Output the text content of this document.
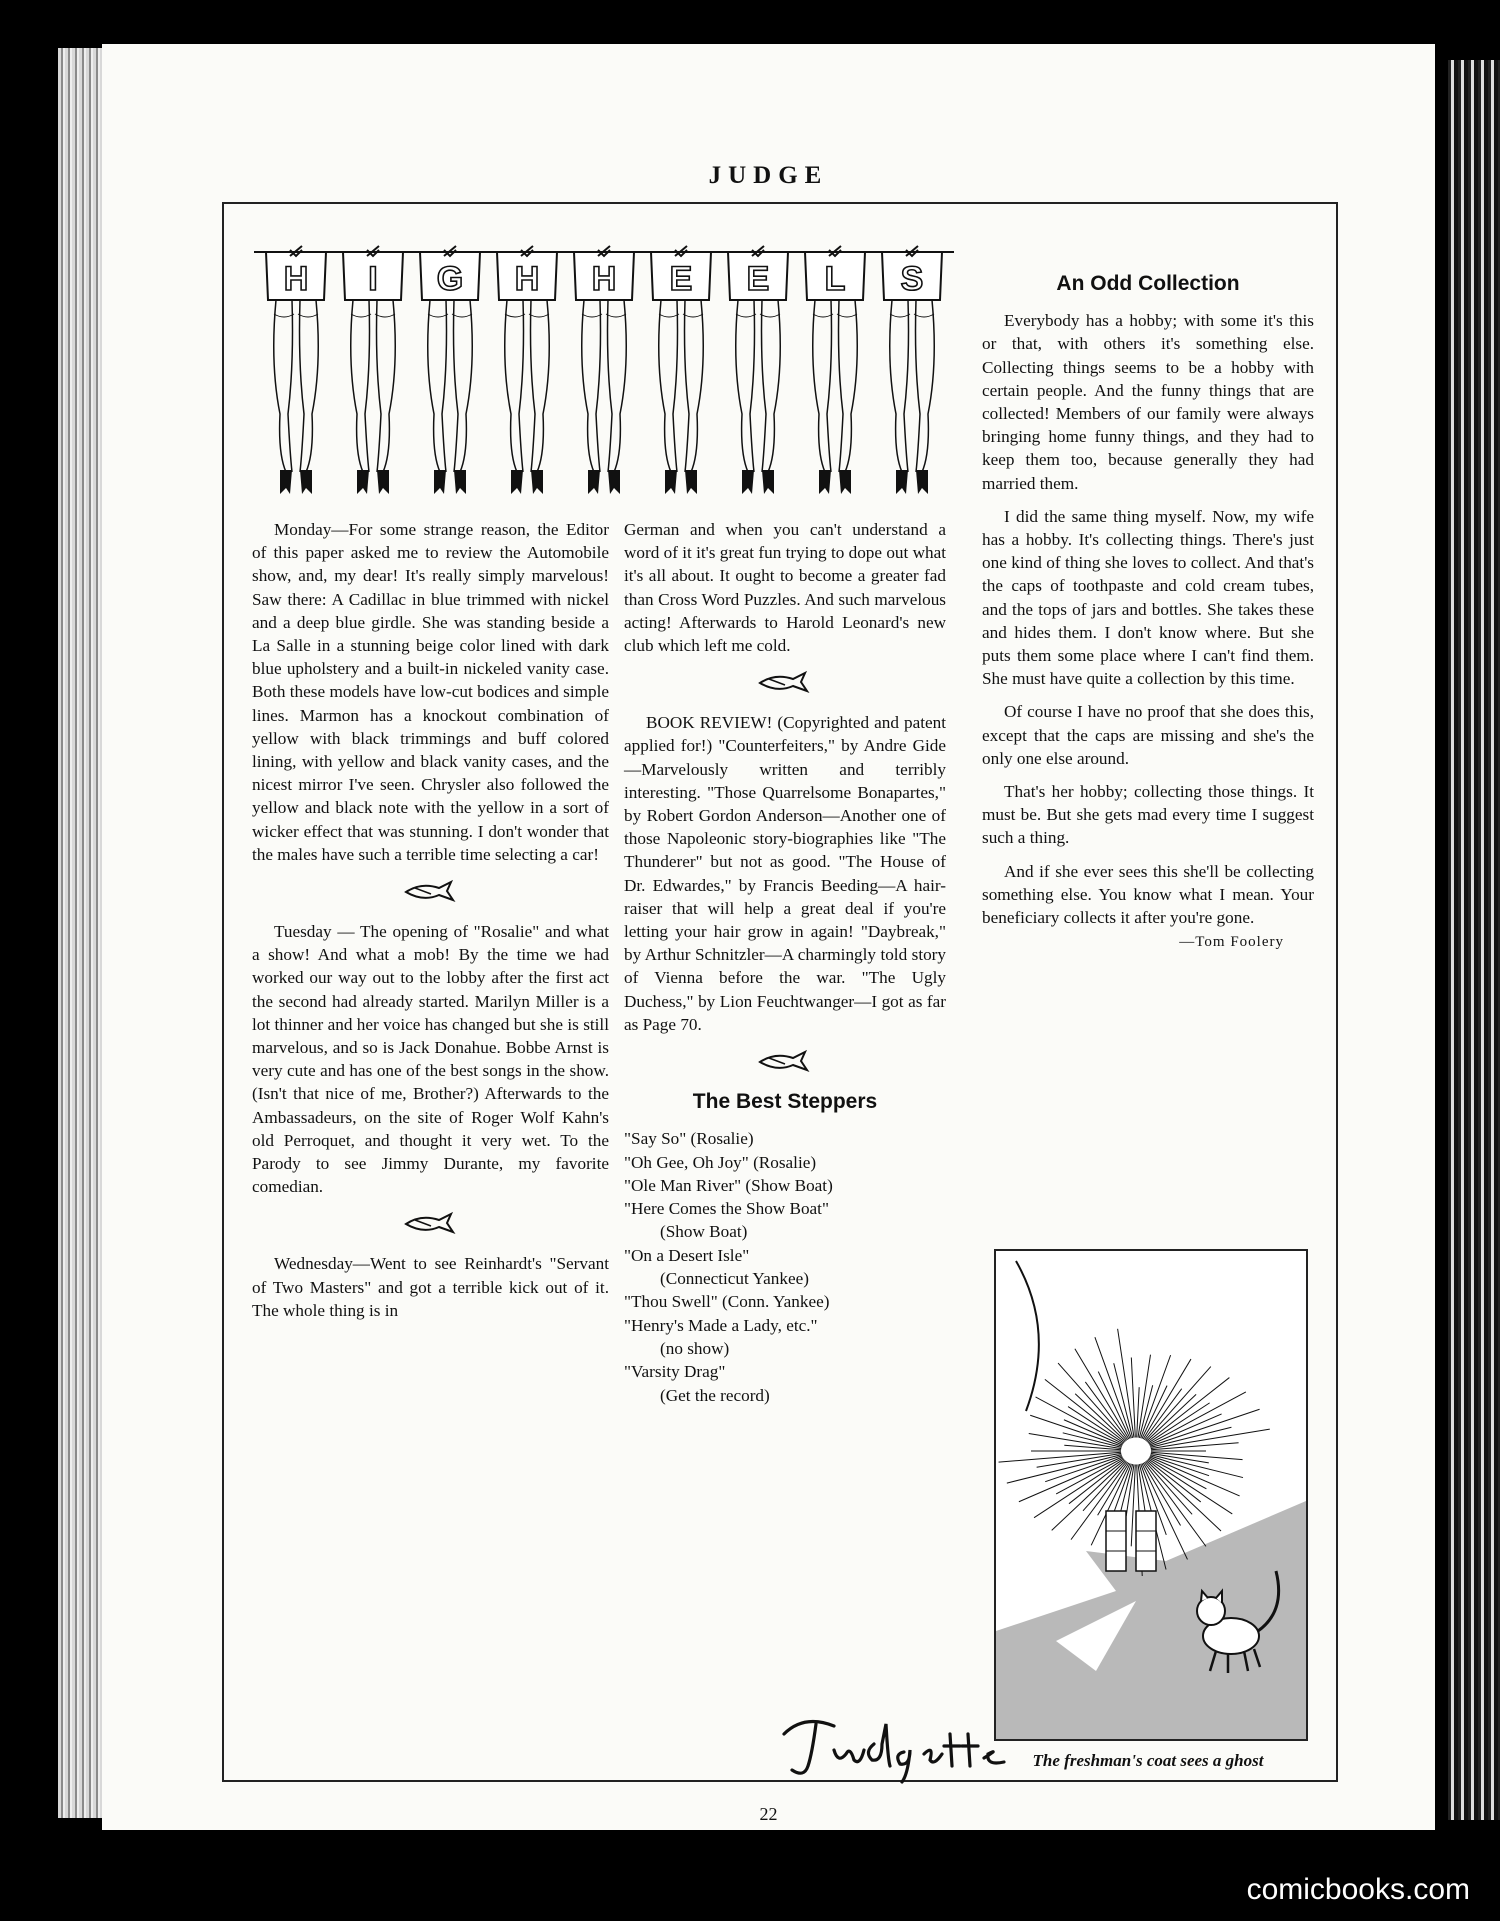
JUDGE
H I G H H E E L S

Monday—For some strange reason, the Editor of this paper asked me to review the Automobile show, and, my dear! It's really simply marvelous! Saw there: A Cadillac in blue trimmed with nickel and a deep blue girdle. She was standing beside a La Salle in a stunning beige color lined with dark blue upholstery and a built-in nickeled vanity case. Both these models have low-cut bodices and simple lines. Marmon has a knockout combination of yellow with black trimmings and buff colored lining, with yellow and black vanity cases, and the nicest mirror I've seen. Chrysler also followed the yellow and black note with the yellow in a sort of wicker effect that was stunning. I don't wonder that the males have such a terrible time selecting a car!

Tuesday — The opening of "Rosalie" and what a show! And what a mob! By the time we had worked our way out to the lobby after the first act the second had already started. Marilyn Miller is a lot thinner and her voice has changed but she is still marvelous, and so is Jack Donahue. Bobbe Arnst is very cute and has one of the best songs in the show. (Isn't that nice of me, Brother?) Afterwards to the Ambassadeurs, on the site of Roger Wolf Kahn's old Perroquet, and thought it very wet. To the Parody to see Jimmy Durante, my favorite comedian.

Wednesday—Went to see Reinhardt's "Servant of Two Masters" and got a terrible kick out of it. The whole thing is in

German and when you can't understand a word of it it's great fun trying to dope out what it's all about. It ought to become a greater fad than Cross Word Puzzles. And such marvelous acting! Afterwards to Harold Leonard's new club which left me cold.

BOOK REVIEW! (Copyrighted and patent applied for!) "Counterfeiters," by Andre Gide—Marvelously written and terribly interesting. "Those Quarrelsome Bonapartes," by Robert Gordon Anderson—Another one of those Napoleonic story-biographies like "The Thunderer" but not as good. "The House of Dr. Edwardes," by Francis Beeding—A hair-raiser that will help a great deal if you're letting your hair grow in again! "Daybreak," by Arthur Schnitzler—A charmingly told story of Vienna before the war. "The Ugly Duchess," by Lion Feuchtwanger—I got as far as Page 70.

The Best Steppers
"Say So" (Rosalie)
"Oh Gee, Oh Joy" (Rosalie)
"Ole Man River" (Show Boat)
"Here Comes the Show Boat"
(Show Boat)
"On a Desert Isle"
(Connecticut Yankee)
"Thou Swell" (Conn. Yankee)
"Henry's Made a Lady, etc."
(no show)
"Varsity Drag"
(Get the record)
An Odd Collection

Everybody has a hobby; with some it's this or that, with others it's something else. Collecting things seems to be a hobby with certain people. And the funny things that are collected! Members of our family were always bringing home funny things, and they had to keep them too, because generally they had married them.

I did the same thing myself. Now, my wife has a hobby. It's collecting things. There's just one kind of thing she loves to collect. And that's the caps of toothpaste and cold cream tubes, and the tops of jars and bottles. She takes these and hides them. I don't know where. But she puts them some place where I can't find them. She must have quite a collection by this time.

Of course I have no proof that she does this, except that the caps are missing and she's the only one else around.

That's her hobby; collecting those things. It must be. But she gets mad every time I suggest such a thing.

And if she ever sees this she'll be collecting something else. You know what I mean. Your beneficiary collects it after you're gone.

—Tom Foolery
The freshman's coat sees a ghost
22
comicbooks.com
